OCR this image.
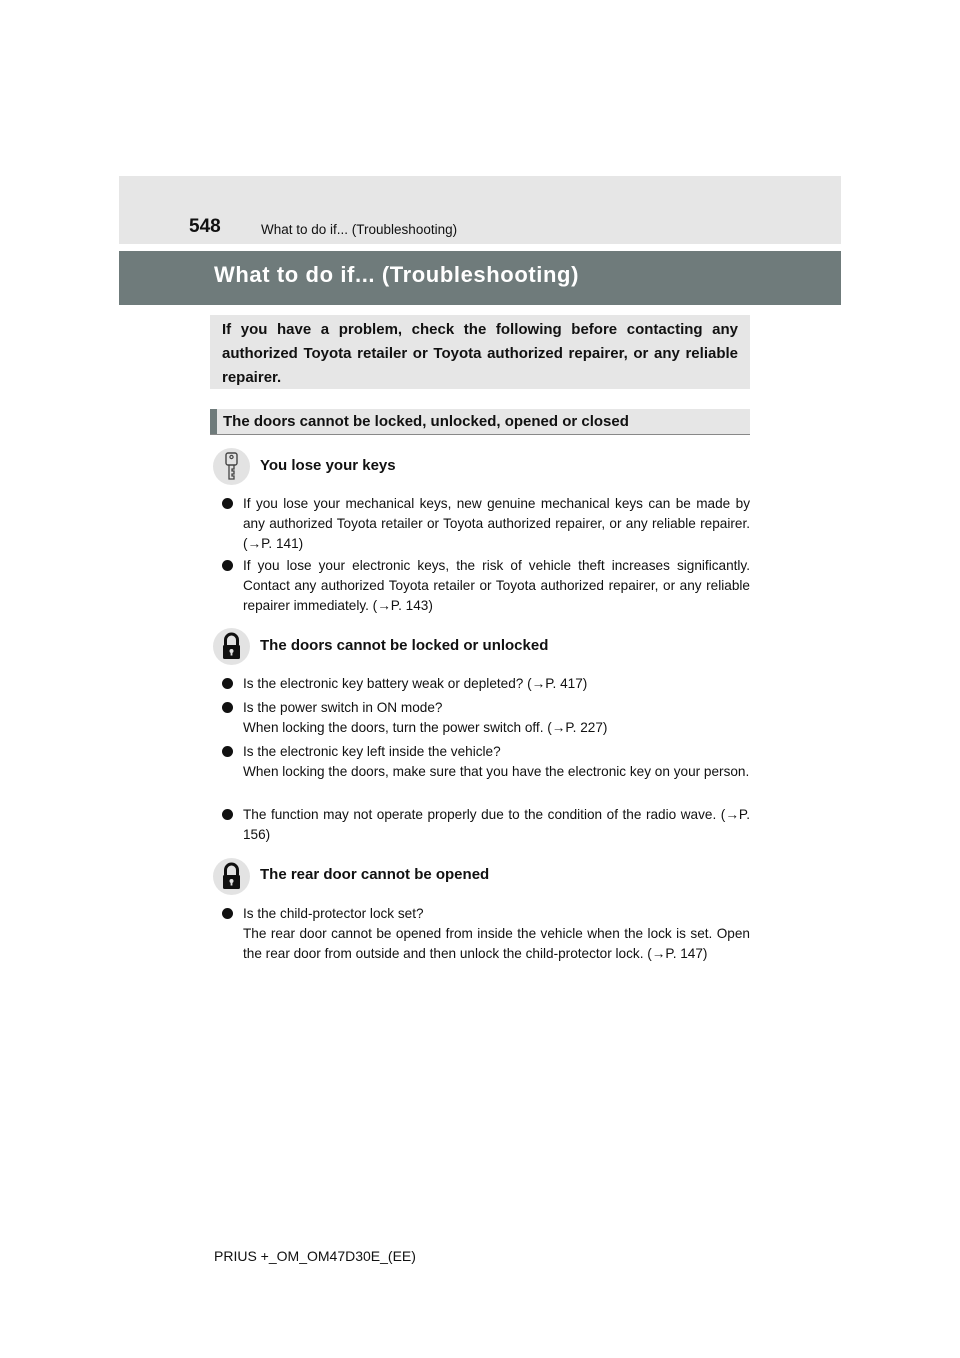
548	What to do if... (Troubleshooting)
What to do if... (Troubleshooting)
If you have a problem, check the following before contacting any authorized Toyota retailer or Toyota authorized repairer, or any reliable repairer.
The doors cannot be locked, unlocked, opened or closed
You lose your keys
If you lose your mechanical keys, new genuine mechanical keys can be made by any authorized Toyota retailer or Toyota authorized repairer, or any reliable repairer. (→P. 141)
If you lose your electronic keys, the risk of vehicle theft increases significantly. Contact any authorized Toyota retailer or Toyota authorized repairer, or any reliable repairer immediately. (→P. 143)
The doors cannot be locked or unlocked
Is the electronic key battery weak or depleted? (→P. 417)
Is the power switch in ON mode?
When locking the doors, turn the power switch off. (→P. 227)
Is the electronic key left inside the vehicle?
When locking the doors, make sure that you have the electronic key on your person.
The function may not operate properly due to the condition of the radio wave. (→P. 156)
The rear door cannot be opened
Is the child-protector lock set?
The rear door cannot be opened from inside the vehicle when the lock is set. Open the rear door from outside and then unlock the child-protector lock. (→P. 147)
PRIUS +_OM_OM47D30E_(EE)
